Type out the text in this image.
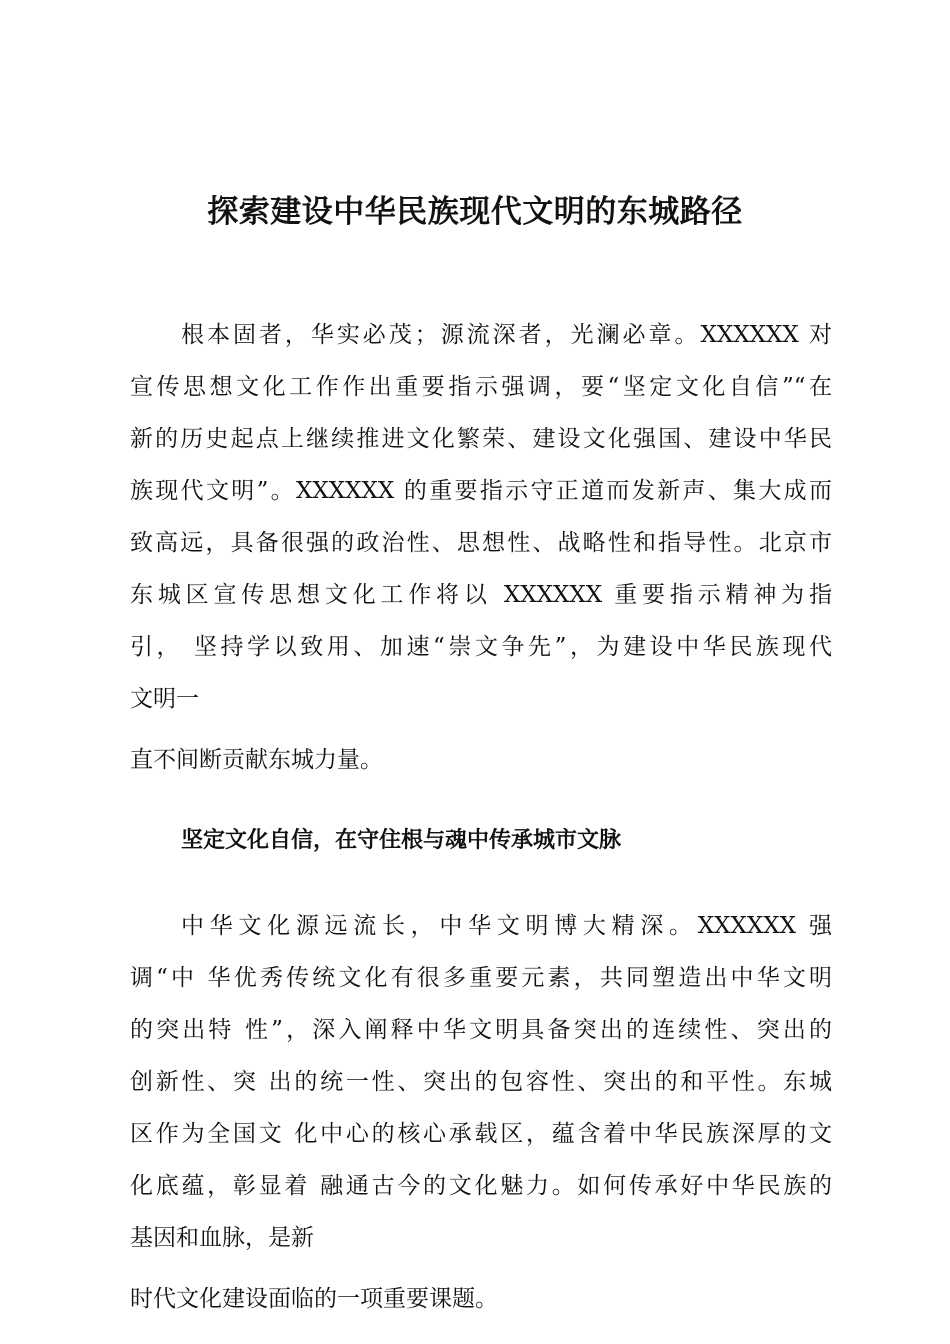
探索建设中华民族现代文明的东城路径
根本固者，华实必茂；源流深者，光澜必章。XXXXXX 对
宣传思想文化工作作出重要指示强调，要“坚定文化自信”“在
新的历史起点上继续推进文化繁荣、建设文化强国、建设中华民
族现代文明”。XXXXXX 的重要指示守正道而发新声、集大成而
致高远，具备很强的政治性、思想性、战略性和指导性。北京市
东城区宣传思想文化工作将以 XXXXXX 重要指示精神为指
引， 坚持学以致用、加速“崇文争先”，为建设中华民族现代
文明一
直不间断贡献东城力量。
坚定文化自信，在守住根与魂中传承城市文脉
中华文化源远流长，中华文明博大精深。XXXXXX 强
调“中 华优秀传统文化有很多重要元素，共同塑造出中华文明
的突出特 性”，深入阐释中华文明具备突出的连续性、突出的
创新性、突 出的统一性、突出的包容性、突出的和平性。东城
区作为全国文 化中心的核心承载区，蕴含着中华民族深厚的文
化底蕴，彰显着 融通古今的文化魅力。如何传承好中华民族的
基因和血脉，是新
时代文化建设面临的一项重要课题。
